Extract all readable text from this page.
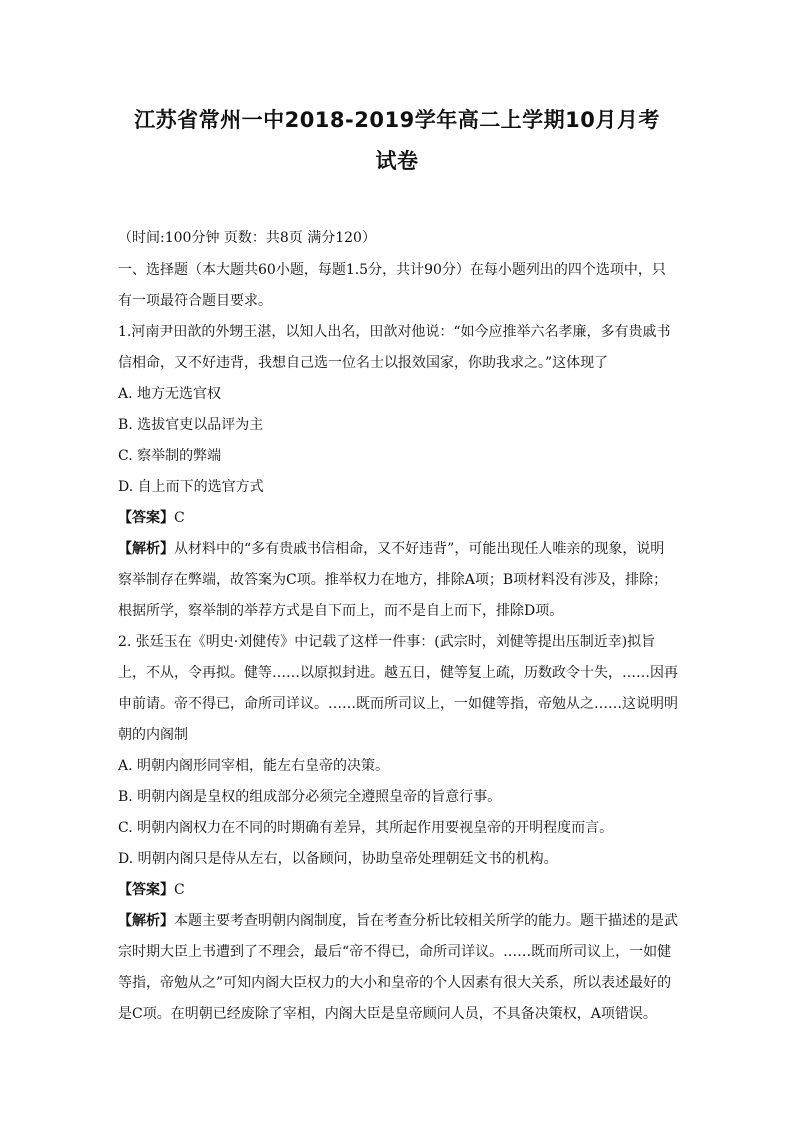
江苏省常州一中2018-2019学年高二上学期10月月考
试卷
（时间:100分钟 页数：共8页 满分120）
一、选择题（本大题共60小题，每题1.5分，共计90分）在每小题列出的四个选项中，只
有一项最符合题目要求。
1.河南尹田歆的外甥王湛，以知人出名，田歆对他说：“如今应推举六名孝廉，多有贵戚书
信相命，又不好违背，我想自己选一位名士以报效国家，你助我求之。”这体现了
A. 地方无选官权
B. 选拔官吏以品评为主
C. 察举制的弊端
D. 自上而下的选官方式
【答案】C
【解析】从材料中的“多有贵戚书信相命，又不好违背”，可能出现任人唯亲的现象，说明
察举制存在弊端，故答案为C项。推举权力在地方，排除A项；B项材料没有涉及，排除；
根据所学，察举制的举荐方式是自下而上，而不是自上而下，排除D项。
2. 张廷玉在《明史·刘健传》中记载了这样一件事：(武宗时，刘健等提出压制近幸)拟旨
上，不从，令再拟。健等……以原拟封进。越五日，健等复上疏，历数政令十失，……因再
申前请。帝不得已，命所司详议。……既而所司议上，一如健等指，帝勉从之……这说明明
朝的内阁制
A. 明朝内阁形同宰相，能左右皇帝的决策。
B. 明朝内阁是皇权的组成部分必须完全遵照皇帝的旨意行事。
C. 明朝内阁权力在不同的时期确有差异，其所起作用要视皇帝的开明程度而言。
D. 明朝内阁只是侍从左右，以备顾问，协助皇帝处理朝廷文书的机构。
【答案】C
【解析】本题主要考查明朝内阁制度，旨在考查分析比较相关所学的能力。题干描述的是武
宗时期大臣上书遭到了不理会，最后“帝不得已，命所司详议。……既而所司议上，一如健
等指，帝勉从之”可知内阁大臣权力的大小和皇帝的个人因素有很大关系，所以表述最好的
是C项。在明朝已经废除了宰相，内阁大臣是皇帝顾问人员，不具备决策权，A项错误。
